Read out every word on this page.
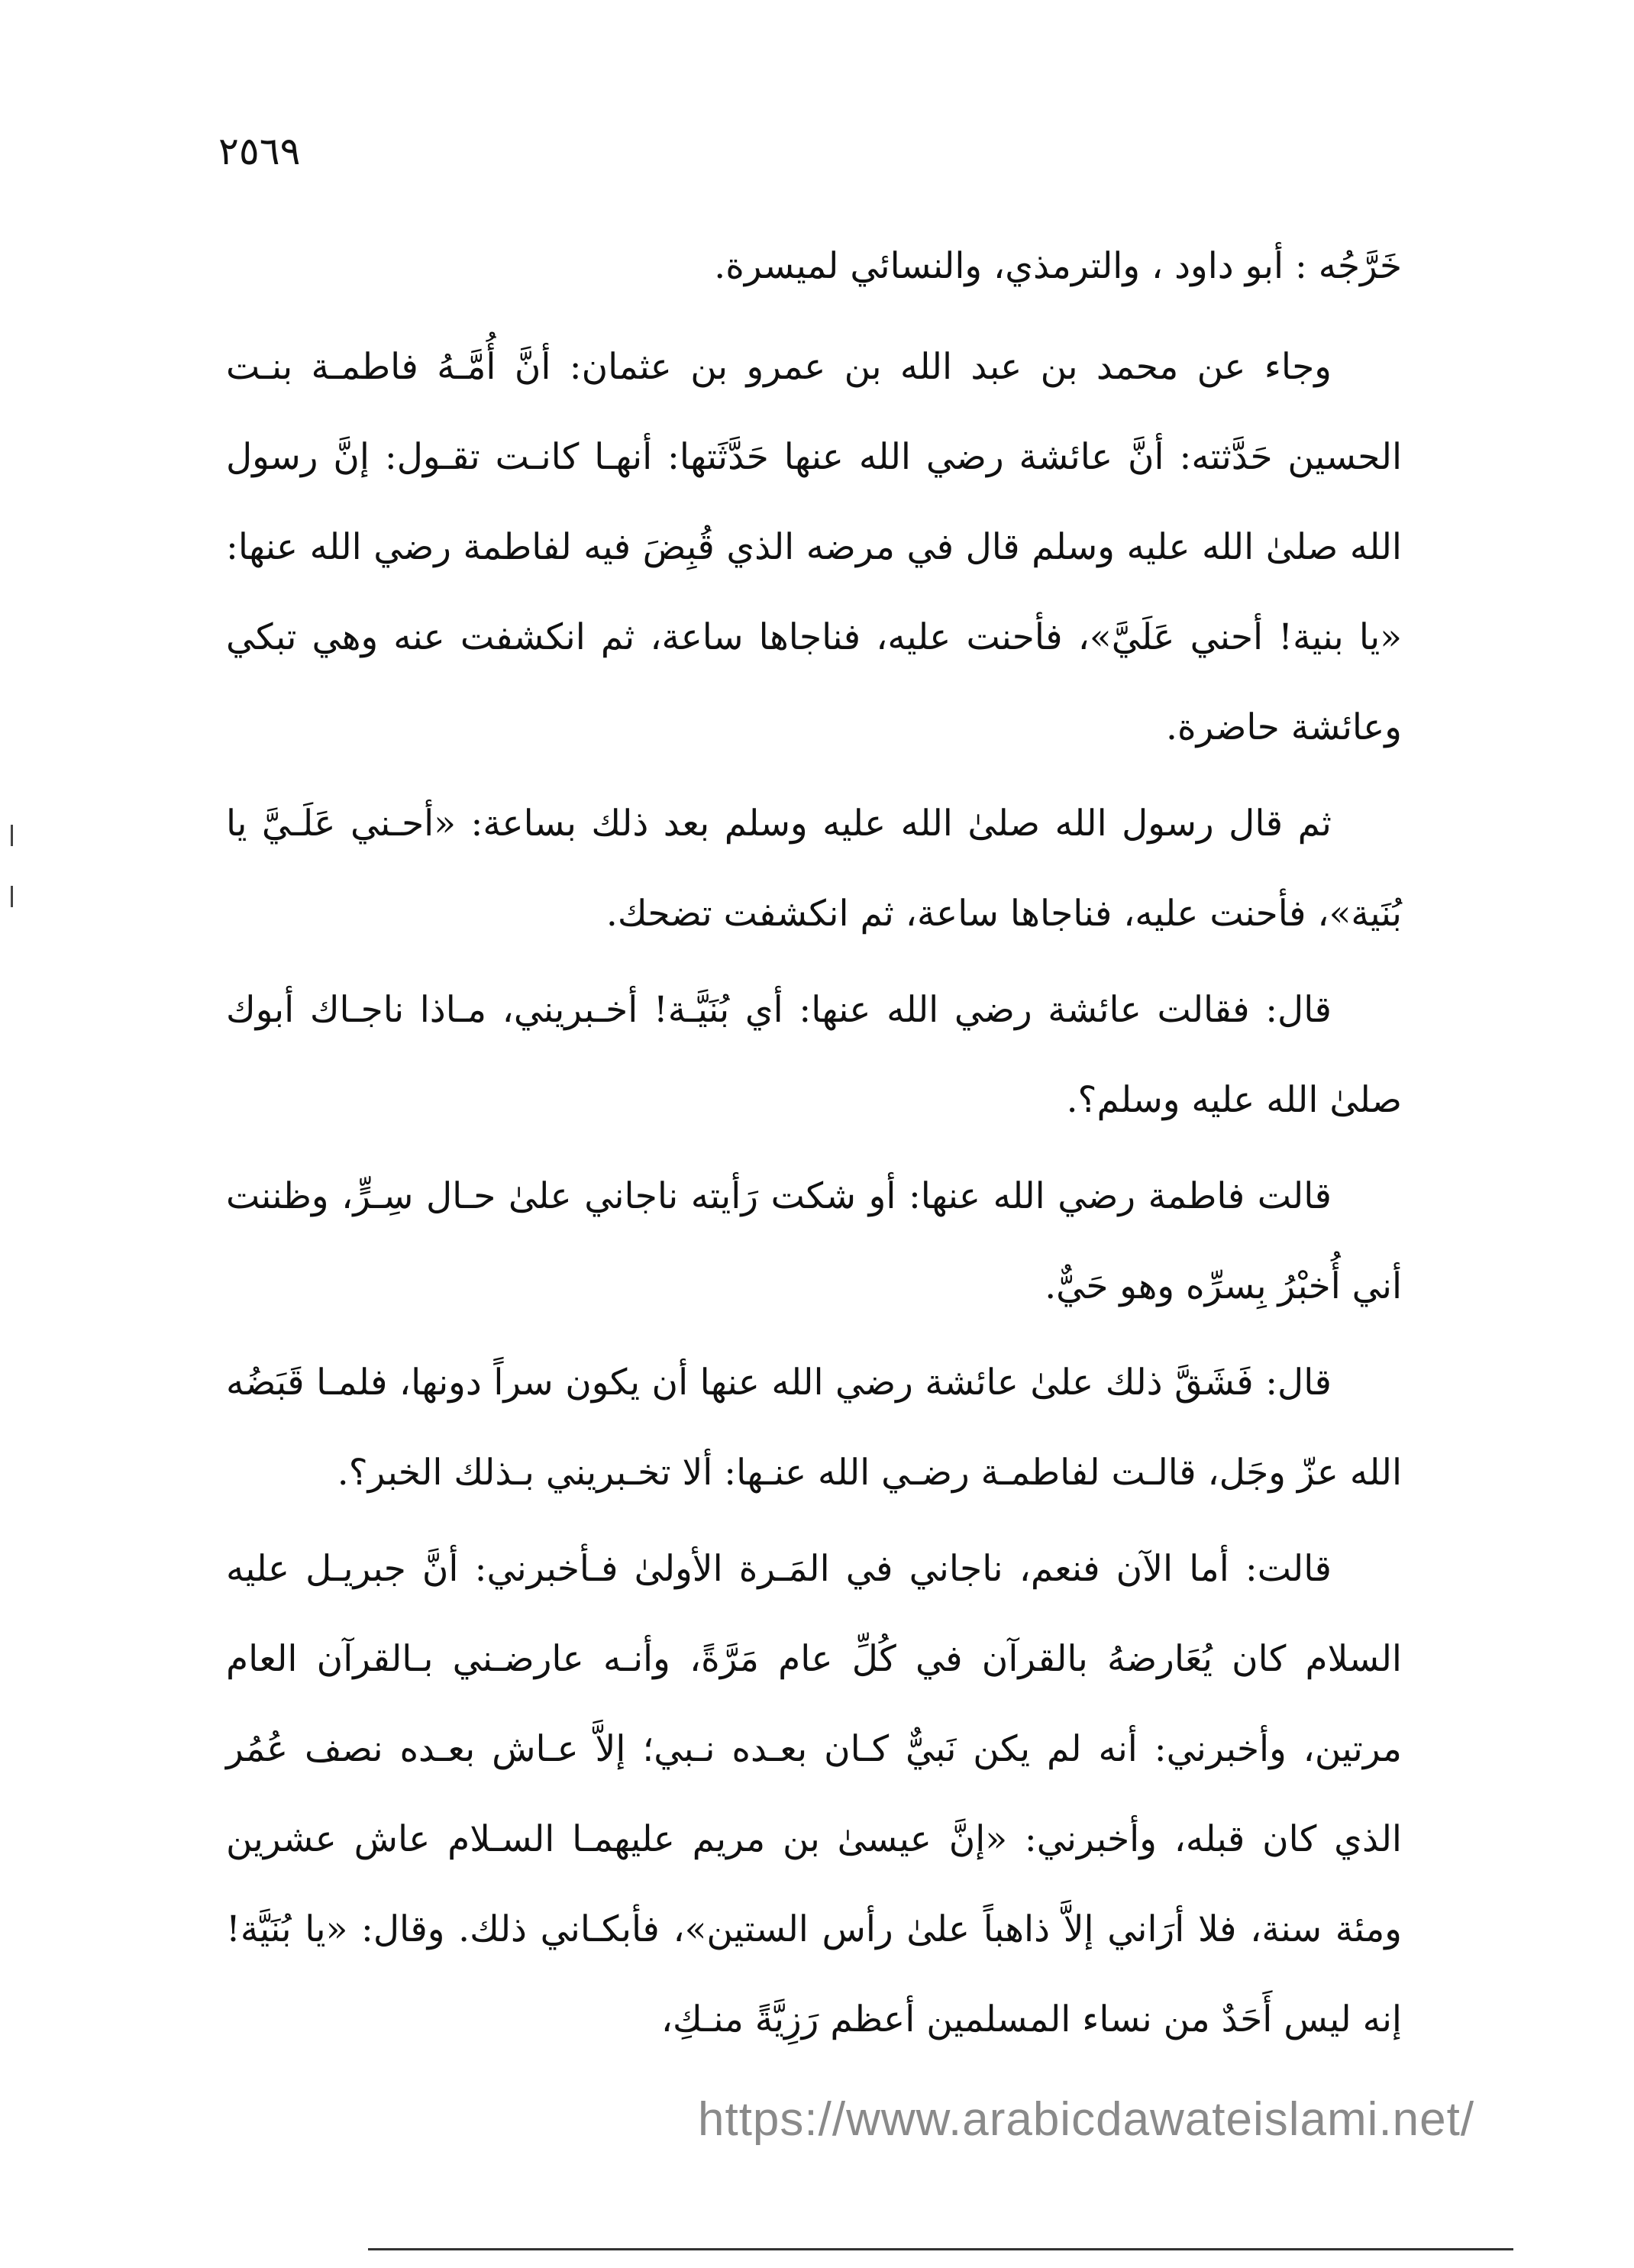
٢٥٦٩

خَرَّجُه : أبو داود ، والترمذي، والنسائي لميسرة.

وجاء عن محمد بن عبد الله بن عمرو بن عثمان: أنَّ أُمَّـهُ فاطمـة بنـت الحسين حَدَّثته: أنَّ عائشة رضي الله عنها حَدَّثَتها: أنهـا كانـت تقـول: إنَّ رسول الله صلىٰ الله عليه وسلم قال في مرضه الذي قُبِضَ فيه لفاطمة رضي الله عنها: «يا بنية! أحني عَلَيَّ»، فأحنت عليه، فناجاها ساعة، ثم انكشفت عنه وهي تبكي وعائشة حاضرة.

ثم قال رسول الله صلىٰ الله عليه وسلم بعد ذلك بساعة: «أحـني عَلَـيَّ يا بُنَية»، فأحنت عليه، فناجاها ساعة، ثم انكشفت تضحك.

قال: فقالت عائشة رضي الله عنها: أي بُنَيَّـة! أخـبريني، مـاذا ناجـاك أبوك صلىٰ الله عليه وسلم؟.

قالت فاطمة رضي الله عنها: أو شكت رَأيته ناجاني علىٰ حـال سِـرٍّ، وظننت أني أُخبْرُ بِسرِّه وهو حَيٌّ.

قال: فَشَقَّ ذلك علىٰ عائشة رضي الله عنها أن يكون سراً دونها، فلمـا قَبَضُه الله عزّ وجَل، قالـت لفاطمـة رضـي الله عنـها: ألا تخـبريني بـذلك الخبر؟.

قالت: أما الآن فنعم، ناجاني في المَـرة الأولىٰ فـأخبرني: أنَّ جبريـل عليه السلام كان يُعَارضهُ بالقرآن في كُلِّ عام مَرَّةً، وأنـه عارضـني بـالقرآن العام مرتين، وأخبرني: أنه لم يكن نَبيٌّ كـان بعـده نـبي؛ إلاَّ عـاش بعـده نصف عُمُر الذي كان قبله، وأخبرني: «إنَّ عيسىٰ بن مريم عليهمـا السـلام عاش عشرين ومئة سنة، فلا أرَاني إلاَّ ذاهباً علىٰ رأس الستين»، فأبكـاني ذلك. وقال: «يا بُنَيَّة! إنه ليس أَحَدٌ من نساء المسلمين أعظم رَزِيَّةً منـكِ،

https://www.arabicdawateislami.net/
